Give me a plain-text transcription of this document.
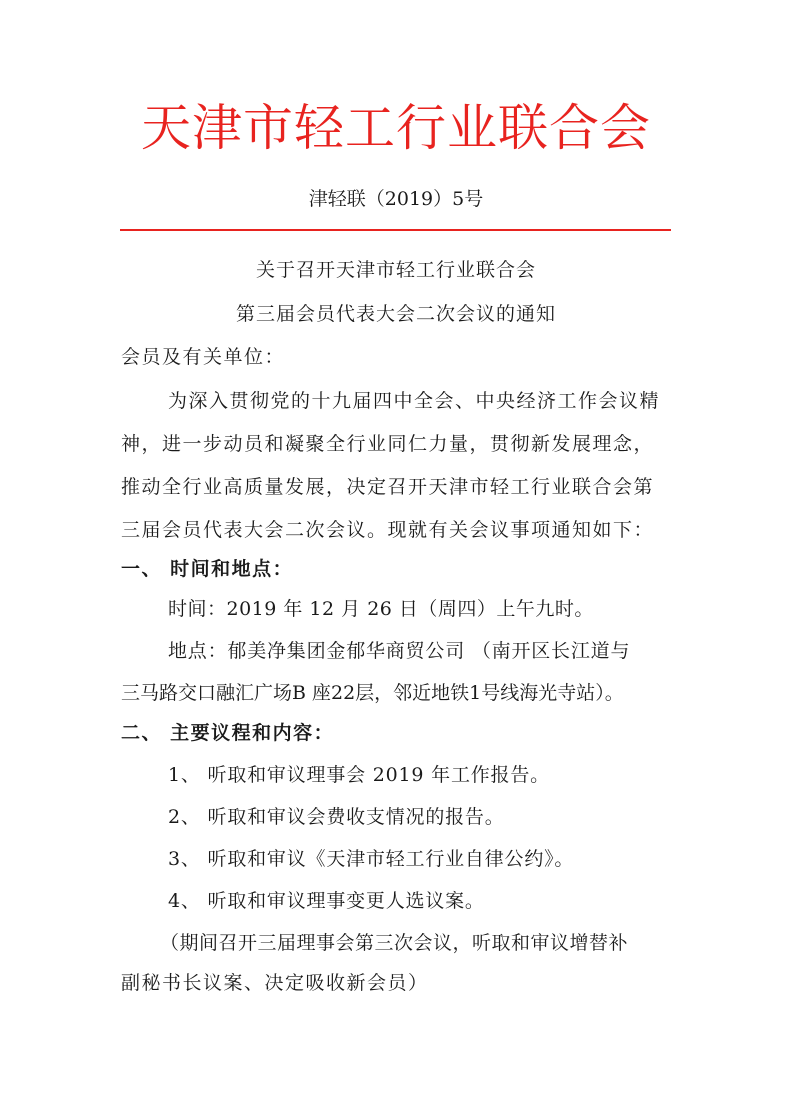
天津市轻工行业联合会
津轻联（2019）5号
关于召开天津市轻工行业联合会
第三届会员代表大会二次会议的通知
会员及有关单位：
为深入贯彻党的十九届四中全会、中央经济工作会议精
神，进一步动员和凝聚全行业同仁力量，贯彻新发展理念，
推动全行业高质量发展，决定召开天津市轻工行业联合会第
三届会员代表大会二次会议。现就有关会议事项通知如下：
一、 时间和地点：
时间：2019 年 12 月 26 日（周四）上午九时。
地点：郁美净集团金郁华商贸公司 （南开区长江道与
三马路交口融汇广场B 座22层，邻近地铁1号线海光寺站）。
二、 主要议程和内容：
1、 听取和审议理事会 2019 年工作报告。
2、 听取和审议会费收支情况的报告。
3、 听取和审议《天津市轻工行业自律公约》。
4、 听取和审议理事变更人选议案。
（期间召开三届理事会第三次会议，听取和审议增替补
副秘书长议案、决定吸收新会员）
